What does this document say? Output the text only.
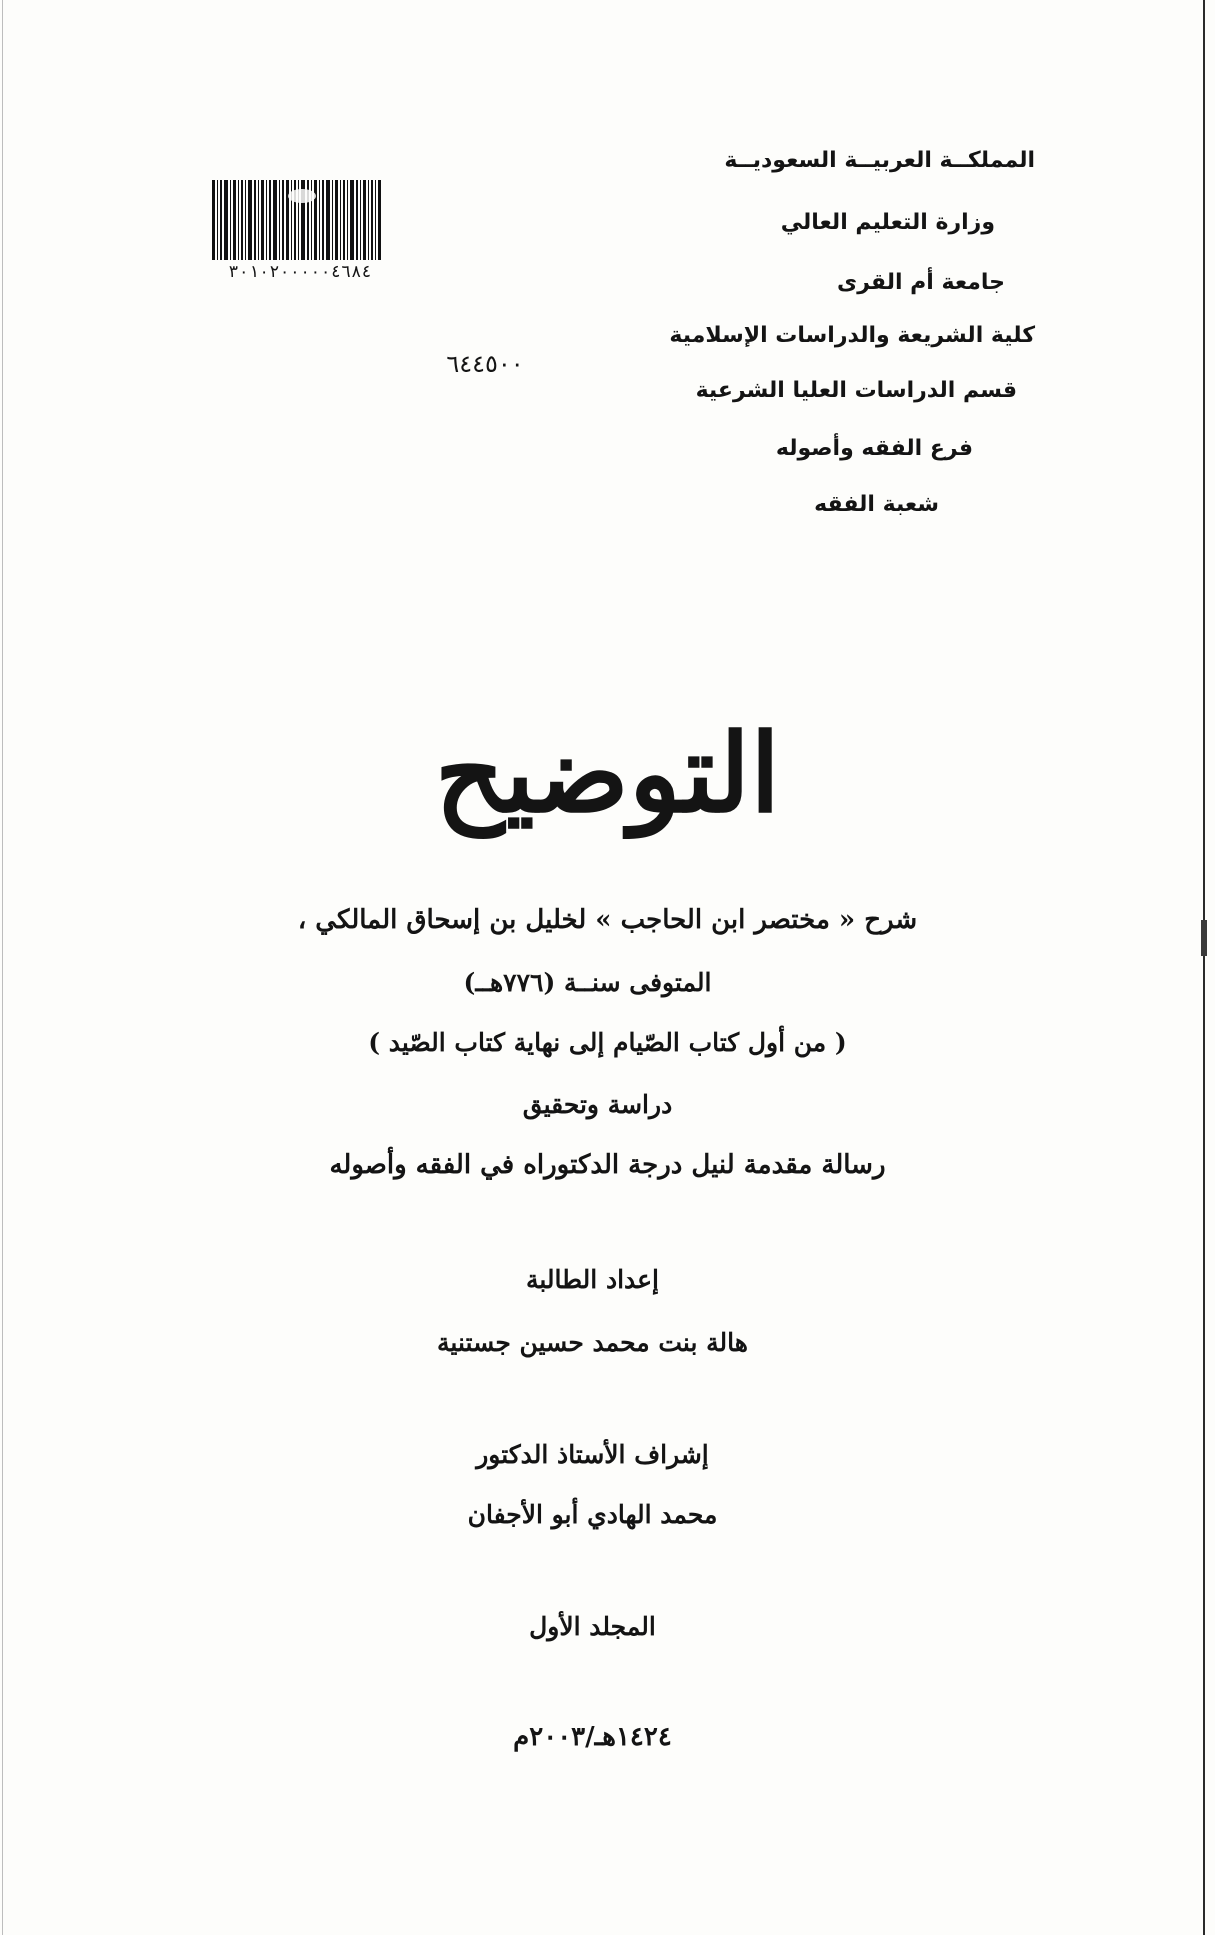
المملكــة العربيــة السعوديــة
وزارة التعليم العالي
جامعة أم القرى
كلية الشريعة والدراسات الإسلامية
قسم الدراسات العليا الشرعية
فرع الفقه وأصوله
شعبة الفقه
٣٠١٠٢٠٠٠٠٠٤٦٨٤
٦٤٤٥٠٠
التوضيح
شرح « مختصر ابن الحاجب » لخليل بن إسحاق المالكي ،
المتوفى سنــة (٧٧٦هــ)
( من أول كتاب الصّيام إلى نهاية كتاب الصّيد )
دراسة وتحقيق
رسالة مقدمة لنيل درجة الدكتوراه في الفقه وأصوله
إعداد الطالبة
هالة بنت محمد حسين جستنية
إشراف الأستاذ الدكتور
محمد الهادي أبو الأجفان
المجلد الأول
١٤٢٤هـ/٢٠٠٣م
